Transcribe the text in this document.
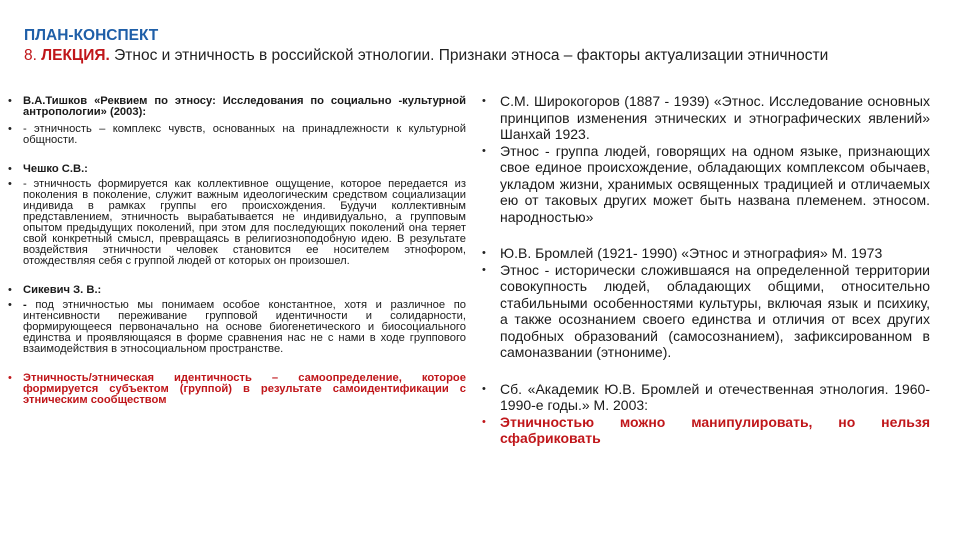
ПЛАН-КОНСПЕКТ
8. ЛЕКЦИЯ. Этнос и этничность в российской этнологии. Признаки этноса – факторы актуализации этничности
• В.А.Тишков «Реквием по этносу: Исследования по социально -культурной антропологии» (2003):
• - этничность – комплекс чувств, основанных на принадлежности к культурной общности.
• Чешко С.В.:
• - этничность формируется как коллективное ощущение, которое передается из поколения в поколение, служит важным идеологическим средством социализации индивида в рамках группы его происхождения. Будучи коллективным представлением, этничность вырабатывается не индивидуально, а групповым опытом предыдущих поколений, при этом для последующих поколений она теряет свой конкретный смысл, превращаясь в религиозноподобную идею. В результате воздействия этничности человек становится ее носителем этнофором, отождествляя себя с группой людей от которых он произошел.
• Сикевич З. В.:
• - под этничностью мы понимаем особое константное, хотя и различное по интенсивности переживание групповой идентичности и солидарности, формирующееся первоначально на основе биогенетического и биосоциального единства и проявляющаяся в форме сравнения нас не с нами в ходе группового взаимодействия в этносоциальном пространстве.
• Этничность/этническая идентичность – самоопределение, которое формируется субъектом (группой) в результате самоидентификации с этническим сообществом
•	С.М. Широкогоров (1887 - 1939) «Этнос. Исследование основных принципов изменения этнических и этнографических явлений» Шанхай 1923.
•	Этнос - группа людей, говорящих на одном языке, признающих свое единое происхождение, обладающих комплексом обычаев, укладом жизни, хранимых освященных традицией и отличаемых ею от таковых других может быть названа племенем. этносом. народностью»
•	Ю.В. Бромлей (1921- 1990) «Этнос и этнография» М. 1973
•	Этнос - исторически сложившаяся на определенной территории совокупность людей, обладающих общими, относительно стабильными особенностями культуры, включая язык и психику, а также осознанием своего единства и отличия от всех других подобных образований (самосознанием), зафиксированном в самоназвании (этнониме).
•	Сб. «Академик Ю.В. Бромлей и отечественная этнология. 1960-1990-е годы.» М. 2003:
•	Этничностью можно манипулировать, но нельзя сфабриковать
